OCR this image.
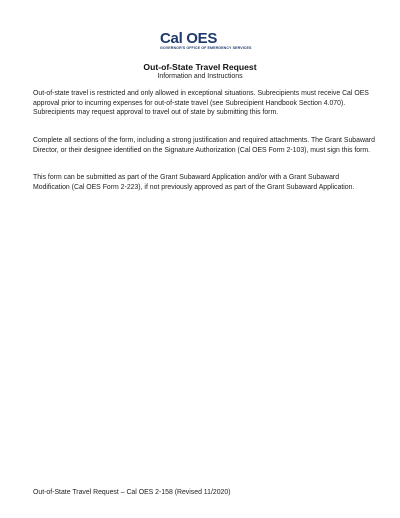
Cal OES
GOVERNOR'S OFFICE OF EMERGENCY SERVICES
Out-of-State Travel Request
Information and Instructions
Out-of-state travel is restricted and only allowed in exceptional situations. Subrecipients must receive Cal OES approval prior to incurring expenses for out-of-state travel (see Subrecipient Handbook Section 4.070). Subrecipients may request approval to travel out of state by submitting this form.
Complete all sections of the form, including a strong justification and required attachments. The Grant Subaward Director, or their designee identified on the Signature Authorization (Cal OES Form 2-103), must sign this form.
This form can be submitted as part of the Grant Subaward Application and/or with a Grant Subaward Modification (Cal OES Form 2-223), if not previously approved as part of the Grant Subaward Application.
Out-of-State Travel Request – Cal OES 2-158 (Revised 11/2020)
